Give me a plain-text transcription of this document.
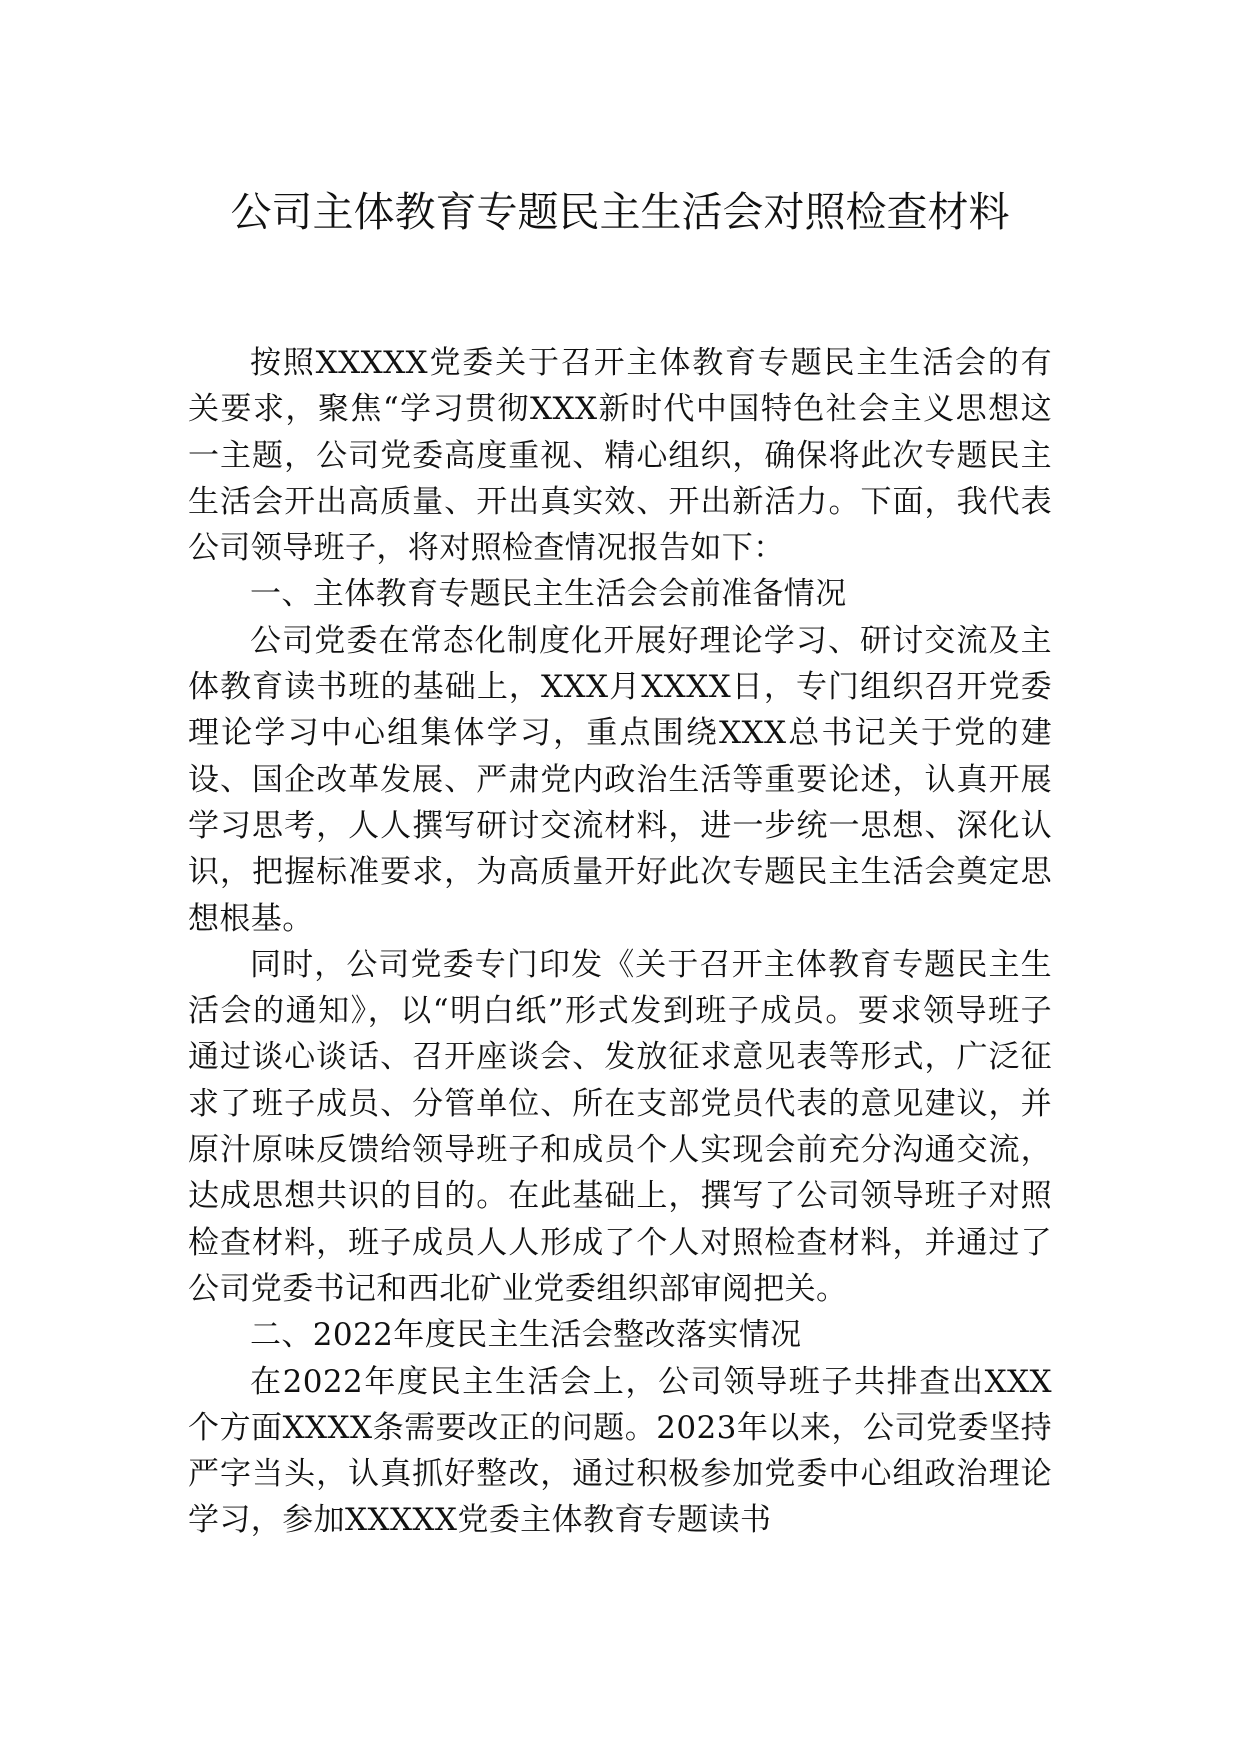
公司主体教育专题民主生活会对照检查材料

按照XXXXX党委关于召开主体教育专题民主生活会的有关要求，聚焦“学习贯彻XXX新时代中国特色社会主义思想这一主题，公司党委高度重视、精心组织，确保将此次专题民主生活会开出高质量、开出真实效、开出新活力。下面，我代表公司领导班子，将对照检查情况报告如下：

一、主体教育专题民主生活会会前准备情况

公司党委在常态化制度化开展好理论学习、研讨交流及主体教育读书班的基础上，XXX月XXXX日，专门组织召开党委理论学习中心组集体学习，重点围绕XXX总书记关于党的建设、国企改革发展、严肃党内政治生活等重要论述，认真开展学习思考，人人撰写研讨交流材料，进一步统一思想、深化认识，把握标准要求，为高质量开好此次专题民主生活会奠定思想根基。

同时，公司党委专门印发《关于召开主体教育专题民主生活会的通知》，以“明白纸”形式发到班子成员。要求领导班子通过谈心谈话、召开座谈会、发放征求意见表等形式，广泛征求了班子成员、分管单位、所在支部党员代表的意见建议，并原汁原味反馈给领导班子和成员个人实现会前充分沟通交流，达成思想共识的目的。在此基础上，撰写了公司领导班子对照检查材料，班子成员人人形成了个人对照检查材料，并通过了公司党委书记和西北矿业党委组织部审阅把关。

二、2022年度民主生活会整改落实情况

在2022年度民主生活会上，公司领导班子共排查出XXX个方面XXXX条需要改正的问题。2023年以来，公司党委坚持严字当头，认真抓好整改，通过积极参加党委中心组政治理论学习，参加XXXXX党委主体教育专题读书
